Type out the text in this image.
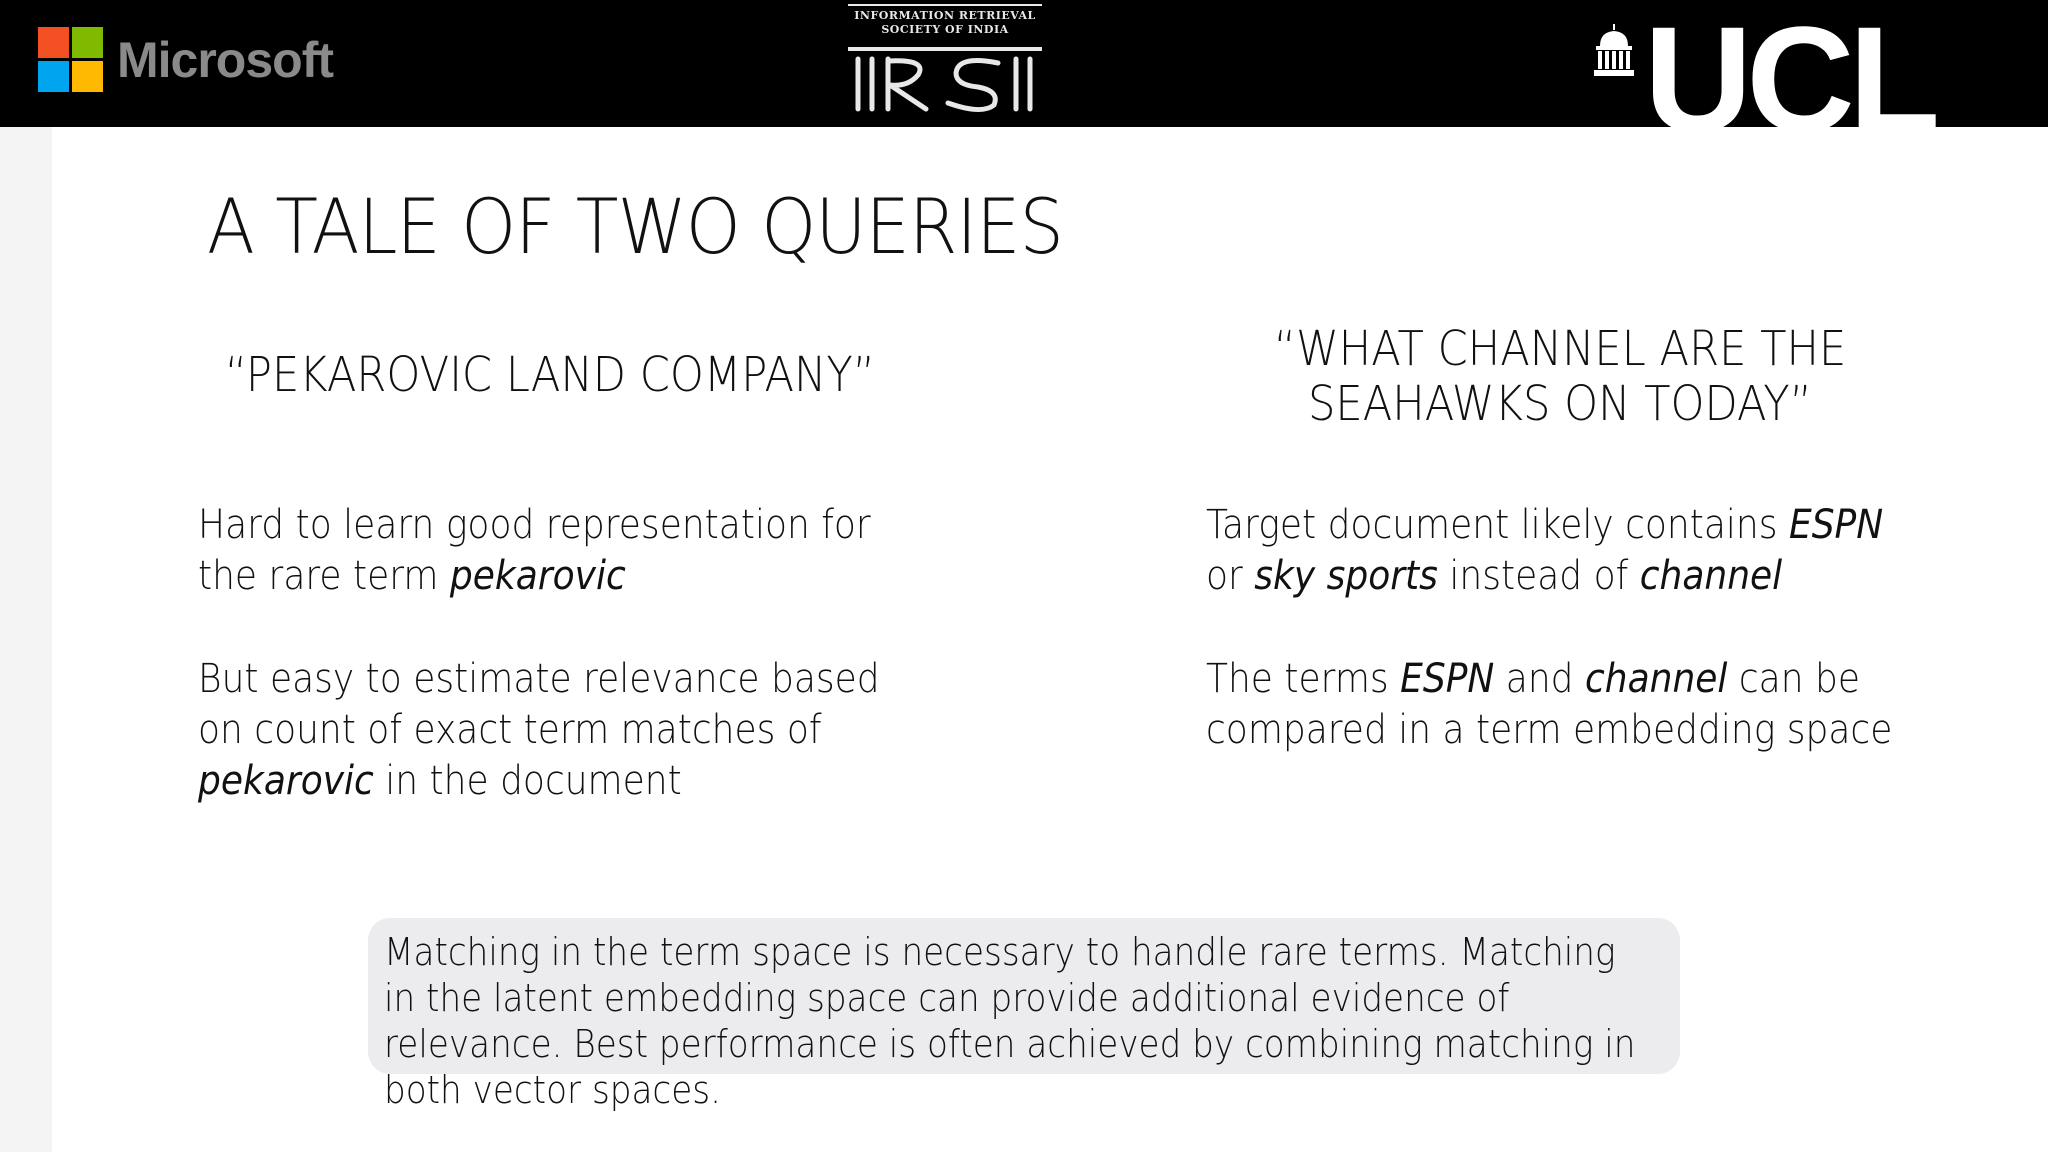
Microsoft
INFORMATION RETRIEVAL
SOCIETY OF INDIA	UCL
A TALE OF TWO QUERIES
“PEKAROVIC LAND COMPANY”	“WHAT CHANNEL ARE THE
SEAHAWKS ON TODAY”

Hard to learn good representation for the rare term pekarovic

But easy to estimate relevance based on count of exact term matches of pekarovic in the document

Target document likely contains ESPN or sky sports instead of channel

The terms ESPN and channel can be compared in a term embedding space

Matching in the term space is necessary to handle rare terms. Matching in the latent embedding space can provide additional evidence of relevance. Best performance is often achieved by combining matching in both vector spaces.
